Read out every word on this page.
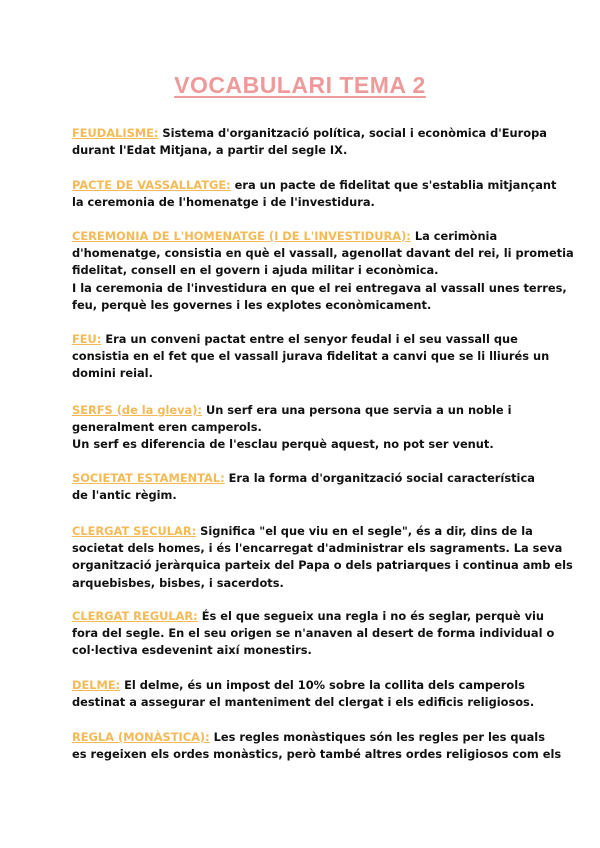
VOCABULARI TEMA 2
FEUDALISME: Sistema d'organització política, social i econòmica d'Europa
durant l'Edat Mitjana, a partir del segle IX.
PACTE DE VASSALLATGE: era un pacte de fidelitat que s'establia mitjançant
la ceremonia de l'homenatge i de l'investidura.
CEREMONIA DE L'HOMENATGE (I DE L'INVESTIDURA): La cerimònia
d'homenatge, consistia en què el vassall, agenollat davant del rei, li prometia
fidelitat, consell en el govern i ajuda militar i econòmica.
I la ceremonia de l'investidura en que el rei entregava al vassall unes terres,
feu, perquè les governes i les explotes econòmicament.
FEU: Era un conveni pactat entre el senyor feudal i el seu vassall que
consistia en el fet que el vassall jurava fidelitat a canvi que se li lliurés un
domini reial.
SERFS (de la gleva): Un serf era una persona que servia a un noble i
generalment eren camperols.
Un serf es diferencia de l'esclau perquè aquest, no pot ser venut.
SOCIETAT ESTAMENTAL: Era la forma d'organització social característica
de l'antic règim.
CLERGAT SECULAR: Significa "el que viu en el segle", és a dir, dins de la
societat dels homes, i és l'encarregat d'administrar els sagraments. La seva
organització jeràrquica parteix del Papa o dels patriarques i continua amb els
arquebisbes, bisbes, i sacerdots.
CLERGAT REGULAR: És el que segueix una regla i no és seglar, perquè viu
fora del segle. En el seu origen se n'anaven al desert de forma individual o
col·lectiva esdevenint així monestirs.
DELME: El delme, és un impost del 10% sobre la collita dels camperols
destinat a assegurar el manteniment del clergat i els edificis religiosos.
REGLA (MONÀSTICA): Les regles monàstiques són les regles per les quals
es regeixen els ordes monàstics, però també altres ordes religiosos com els
